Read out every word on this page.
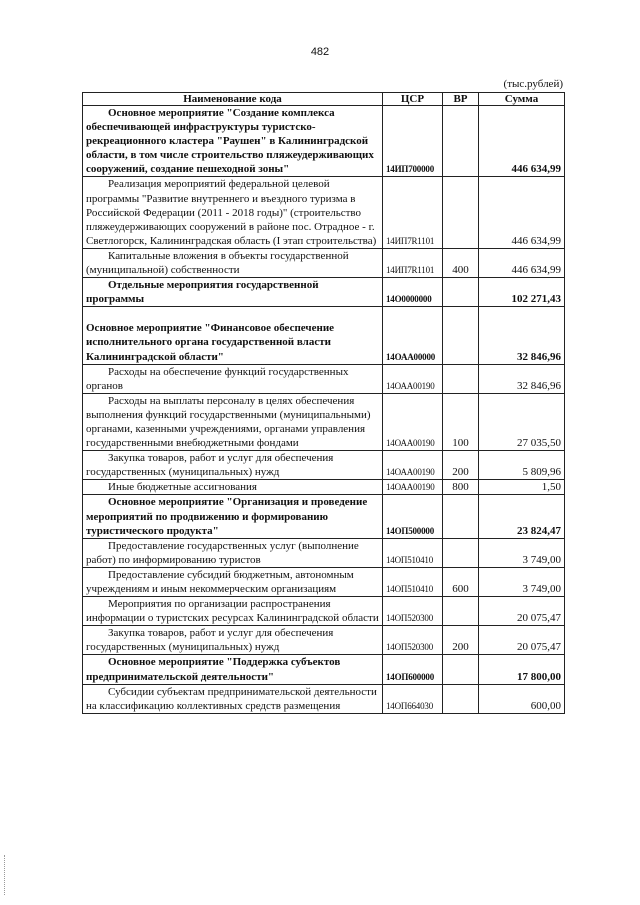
482
(тыс.рублей)
Наименование кода	ЦСР	ВР	Сумма
Основное мероприятие "Создание комплекса обеспечивающей инфраструктуры туристско-рекреационного кластера "Раушен" в Калининградской области, в том числе строительство пляжеудерживающих сооружений, создание пешеходной зоны"	14ИП700000		446 634,99
Реализация мероприятий федеральной целевой программы "Развитие внутреннего и въездного туризма в Российской Федерации (2011 - 2018 годы)" (строительство пляжеудерживающих сооружений в районе пос. Отрадное - г. Светлогорск, Калининградская область (I этап строительства)	14ИП7R1101		446 634,99
Капитальные вложения в объекты государственной (муниципальной) собственности	14ИП7R1101	400	446 634,99
Отдельные мероприятия государственной программы	14О0000000		102 271,43

Основное мероприятие "Финансовое обеспечение исполнительного органа государственной власти Калининградской области"	14ОАА00000		32 846,96
Расходы на обеспечение функций государственных органов	14ОАА00190		32 846,96
Расходы на выплаты персоналу в целях обеспечения выполнения функций государственными (муниципальными) органами, казенными учреждениями, органами управления государственными внебюджетными фондами	14ОАА00190	100	27 035,50
Закупка товаров, работ и услуг для обеспечения государственных (муниципальных) нужд	14ОАА00190	200	5 809,96
Иные бюджетные ассигнования	14ОАА00190	800	1,50
Основное мероприятие "Организация и проведение мероприятий по продвижению и формированию туристического продукта"	14ОП500000		23 824,47
Предоставление государственных услуг (выполнение работ) по информированию туристов	14ОП510410		3 749,00
Предоставление субсидий бюджетным, автономным учреждениям и иным некоммерческим организациям	14ОП510410	600	3 749,00
Мероприятия по организации распространения информации о туристских ресурсах Калининградской области	14ОП520300		20 075,47
Закупка товаров, работ и услуг для обеспечения государственных (муниципальных) нужд	14ОП520300	200	20 075,47
Основное мероприятие "Поддержка субъектов предпринимательской деятельности"	14ОП600000		17 800,00
Субсидии субъектам предпринимательской деятельности на классификацию коллективных средств размещения	14ОП664030		600,00
